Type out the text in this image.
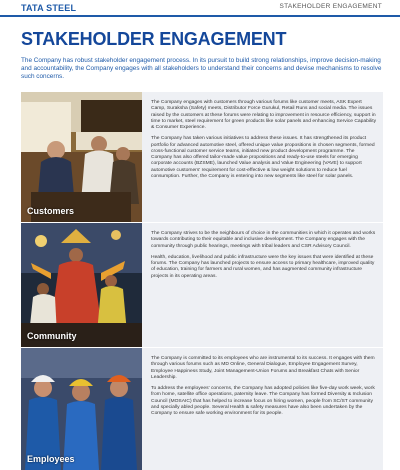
TATA STEEL	STAKEHOLDER ENGAGEMENT
STAKEHOLDER ENGAGEMENT

The Company has robust stakeholder engagement process. In its pursuit to build strong relationships, improve decision-making and accountability, the Company engages with all stakeholders to understand their concerns and devise mechanisms to resolve such concerns.

Customers

The Company engages with customers through various forums like customer meets, ASK Expert Camp, Suraksha (Safety) meets, Distributor Force Gurukul, Retail Runs and social media. The issues raised by the customers at these forums were relating to improvement in resource efficiency, support in time to market, steel requirement for green products like solar panels and enhancing Service Capability & Consumer Experience.

The Company has taken various initiatives to address these issues. It has strengthened its product portfolio for advanced automotive steel, offered unique value propositions in chosen segments, formed cross-functional customer service teams, initiated new product development programme. The Company has also offered tailor-made value propositions and ready-to-use steels for emerging corporate accounts (BZSME), launched Value analysis and Value Engineering (VAVE) to support automotive customers' requirement for cost-effective & low weight solutions to reduce fuel consumption. Further, the Company is entering into new segments like steel for solar panels.

Community

The Company strives to be the neighbours of choice in the communities in which it operates and works towards contributing to their equitable and inclusive development. The Company engages with the community through public hearings, meetings with tribal leaders and CSR Advisory Council.

Health, education, livelihood and public infrastructure were the key issues that were identified at these forums. The Company has launched projects to ensure access to primary healthcare, improved quality of education, training for farmers and rural women, and has augmented community infrastructure projects in its operating areas.

Employees

The Company is committed to its employees who are instrumental to its success. It engages with them through various forums such as MD Online, General Dialogue, Employee Engagement Survey, Employee Happiness Study, Joint Management-Union Forums and Breakfast Chats with Senior Leadership.

To address the employees' concerns, the Company has adopted policies like five-day work week, work from home, satellite office operations, paternity leave. The Company has formed Diversity & Inclusion Council (MOSAIC) that has helped to increase focus on hiring women, people from SC/ST community and specially abled people. Several Health & safety measures have also been undertaken by the Company to ensure safe working environment for its people.
